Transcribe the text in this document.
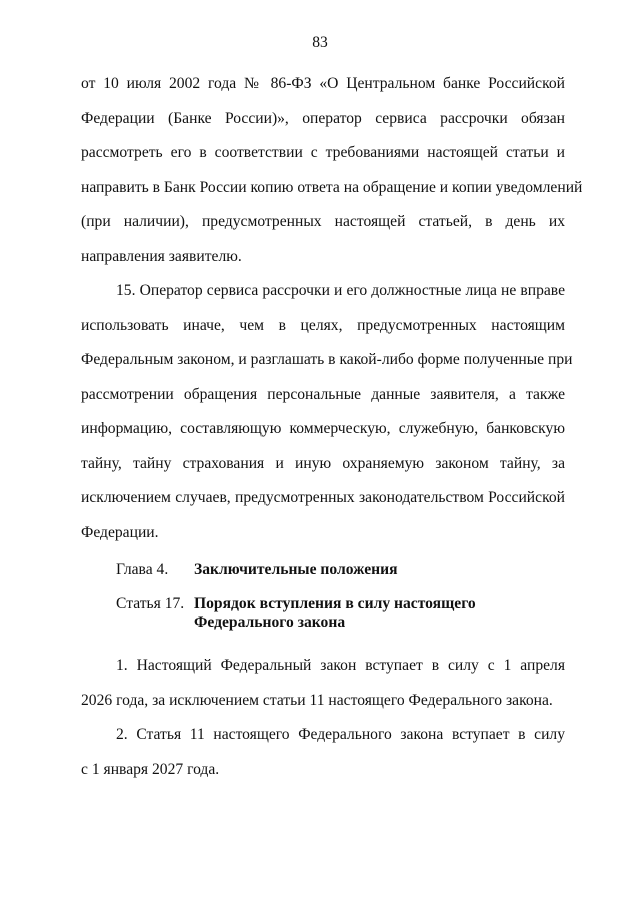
83
от 10 июля 2002 года № 86-ФЗ «О Центральном банке Российской
Федерации (Банке России)», оператор сервиса рассрочки обязан
рассмотреть его в соответствии с требованиями настоящей статьи и
направить в Банк России копию ответа на обращение и копии уведомлений
(при наличии), предусмотренных настоящей статьей, в день их
направления заявителю.
15. Оператор сервиса рассрочки и его должностные лица не вправе
использовать иначе, чем в целях, предусмотренных настоящим
Федеральным законом, и разглашать в какой-либо форме полученные при
рассмотрении обращения персональные данные заявителя, а также
информацию, составляющую коммерческую, служебную, банковскую
тайну, тайну страхования и иную охраняемую законом тайну, за
исключением случаев, предусмотренных законодательством Российской
Федерации.
Глава 4.	Заключительные положения
Статья 17. Порядок вступления в силу настоящего
Федерального закона
1. Настоящий Федеральный закон вступает в силу с 1 апреля
2026 года, за исключением статьи 11 настоящего Федерального закона.
2. Статья 11 настоящего Федерального закона вступает в силу
с 1 января 2027 года.
